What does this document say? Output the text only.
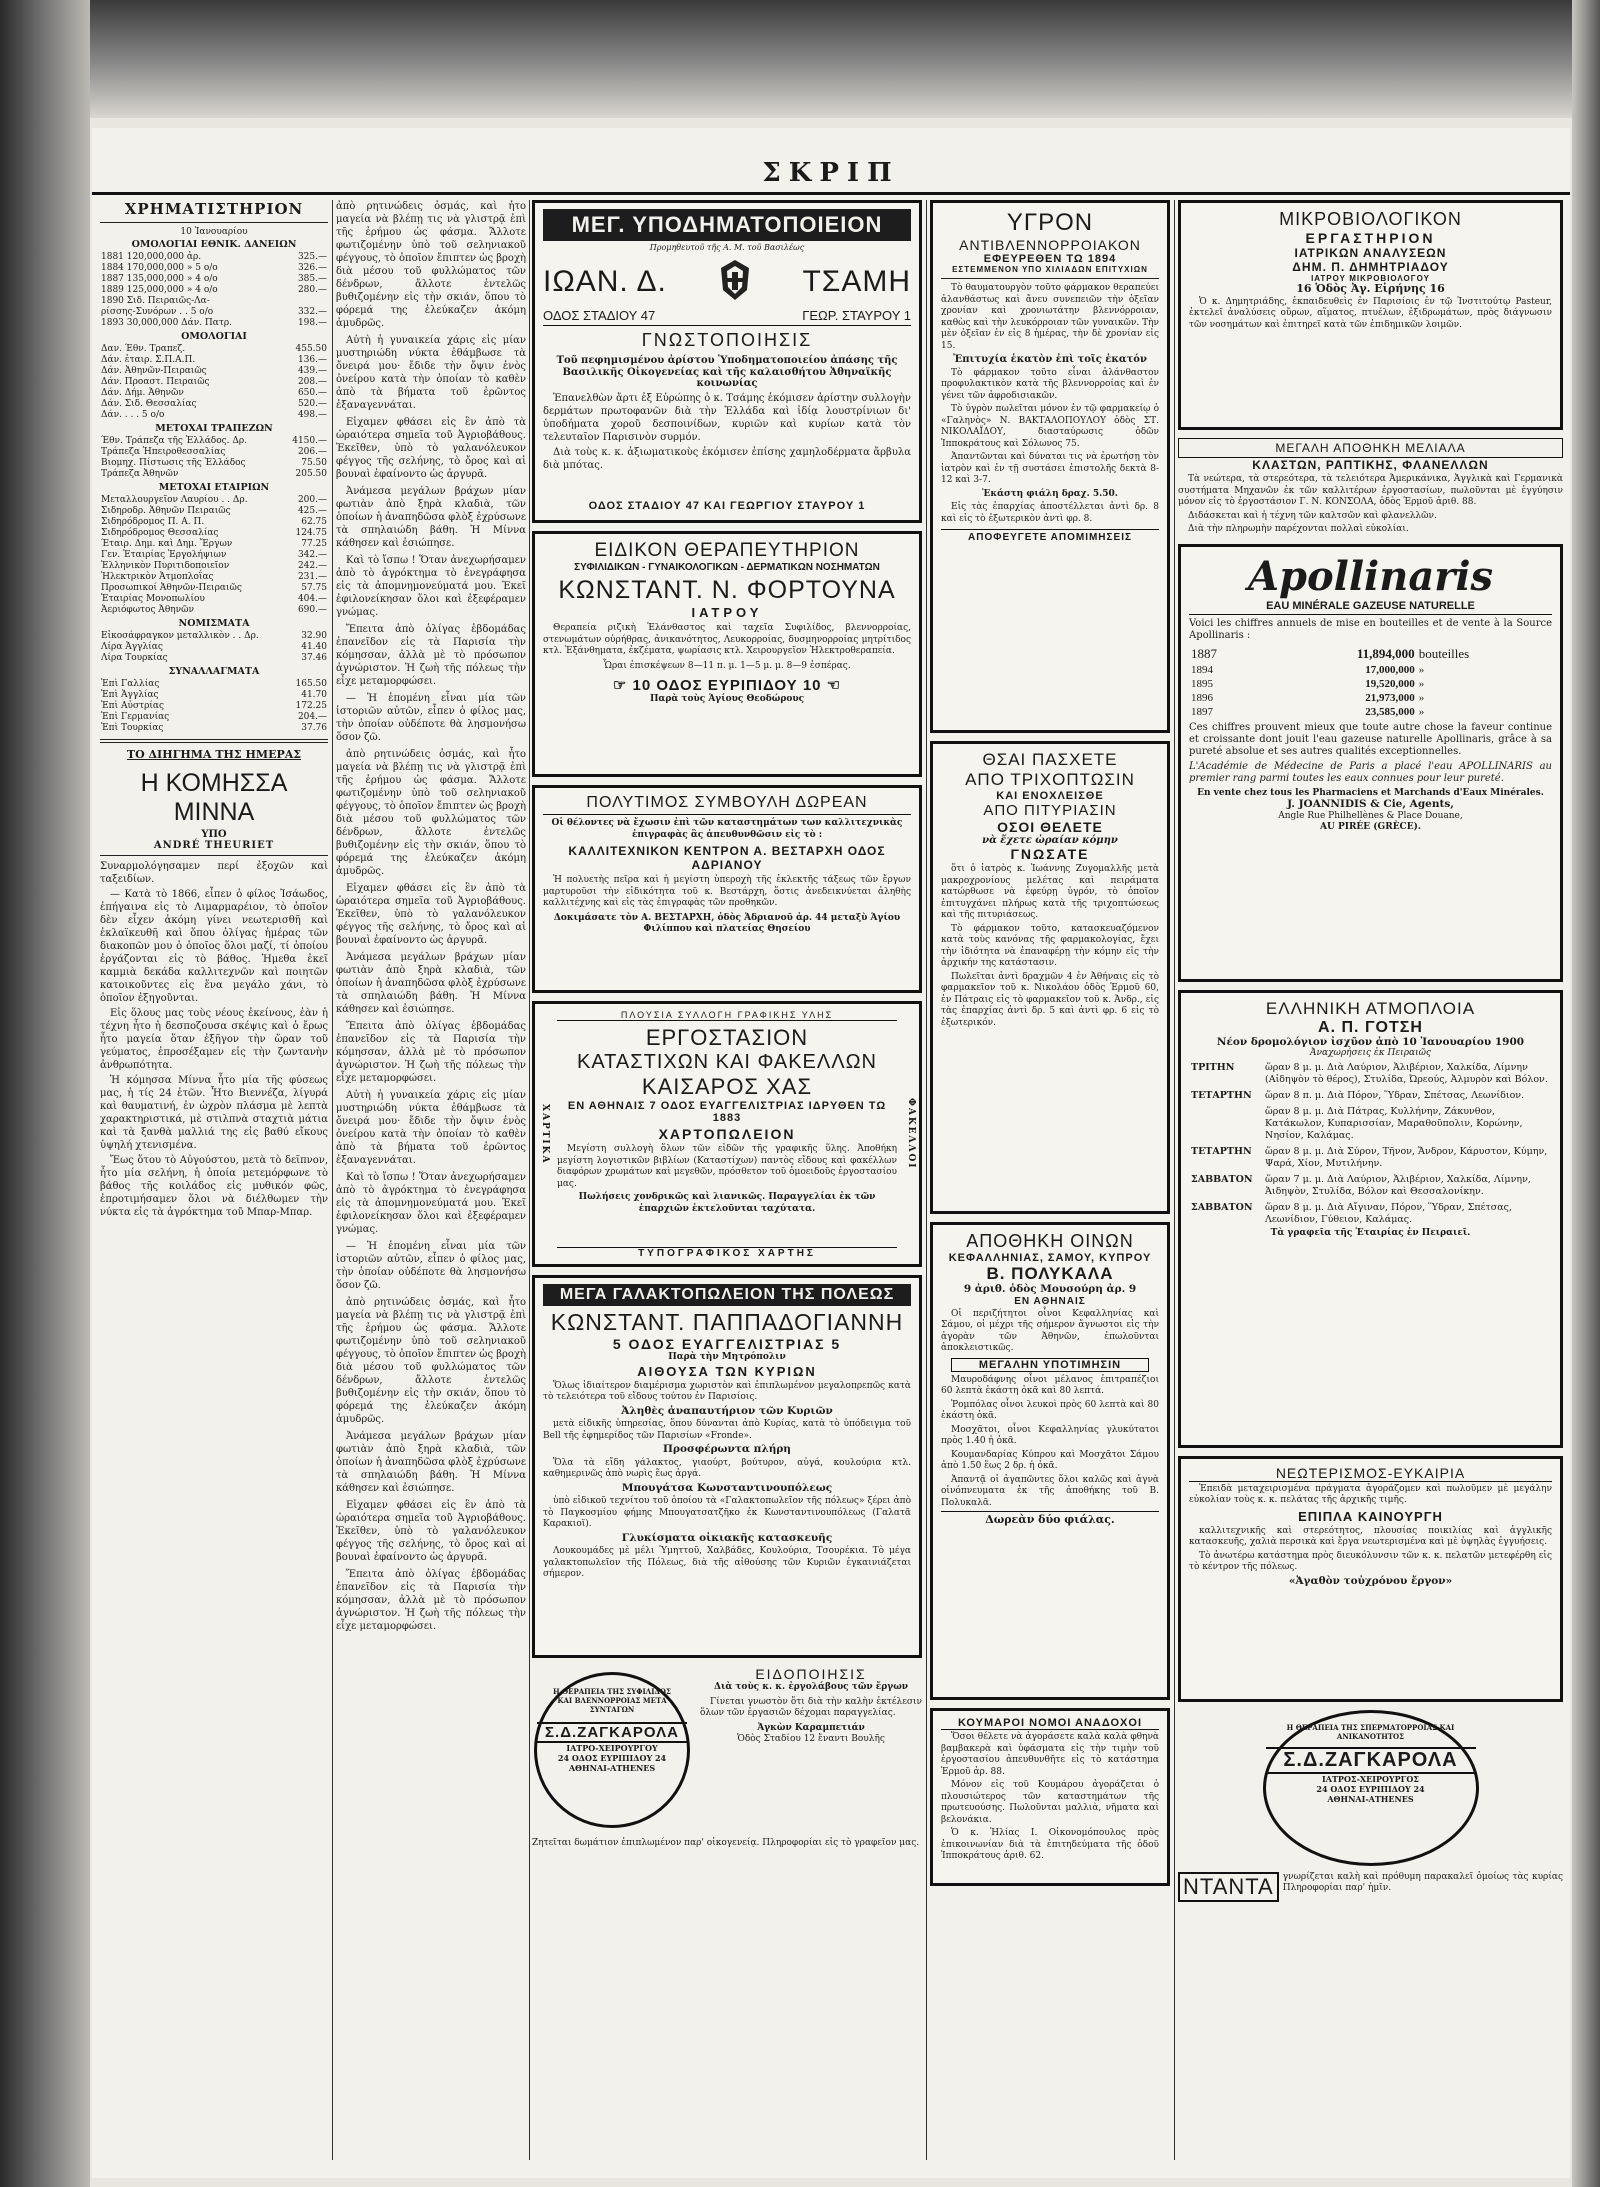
ΣΚΡΙΠ
ΧΡΗΜΑΤΙΣΤΗΡΙΟΝ
10 Ἰανουαρίου
ΟΜΟΛΟΓΙΑΙ ΕΘΝΙΚ. ΔΑΝΕΙΩΝ
1881 120,000,000 ἀρ.	325.—
1884 170,000,000 » 5 ο/ο	326.—
1887 135,000,000 » 4 ο/ο	385.—
1889 125,000,000 » 4 ο/ο	280.—
1890 Σιδ. Πειραιῶς-Λα-	
ρίσσης-Συνόρων . . 5 ο/ο	332.—
1893 30,000,000 Δάν. Πατρ.	198.—
ΟΜΟΛΟΓΙΑΙ
Δαν. Έθν. Τραπεζ.	455.50
Δάν. ἑταιρ. Σ.Π.Α.Π.	136.—
Δάν. Ἀθηνῶν-Πειραιῶς	439.—
Δάν. Προαστ. Πειραιῶς	208.—
Δάν. Δήμ. Ἀθηνῶν	650.—
Δάν. Σιδ. Θεσσαλίας	520.—
Δάν. . . . 5 ο/ο	498.—
ΜΕΤΟΧΑΙ ΤΡΑΠΕΖΩΝ
Έθν. Τράπεζα τῆς Ἑλλάδος. Δρ.	4150.—
Τράπεζα Ἠπειροθεσσαλίας	206.—
Βιομηχ. Πίστωσις τῆς Ἑλλάδος	75.50
Τράπεζα Ἀθηνῶν	205.50
ΜΕΤΟΧΑΙ ΕΤΑΙΡΙΩΝ
Μεταλλουργεῖον Λαυρίου . . Δρ.	200.—
Σιδηροδρ. Ἀθηνῶν Πειραιῶς	425.—
Σιδηρόδρομος Π. Α. Π.	62.75
Σιδηρόδρομος Θεσσαλίας	124.75
Έταιρ. Δημ. καὶ Δημ. Ἔργων	77.25
Γεν. Ἑταιρίας Ἐργολήψιων	342.—
Ἑλληνικὸν Πυριτιδοποιεῖον	242.—
Ἠλεκτρικὸν Ἀτμοπλοΐας	231.—
Προσωπικοί Ἀθηνῶν-Πειραιῶς	57.75
Ἑταιρίας Μονοπωλίου	404.—
Ἀεριόφωτος Ἀθηνῶν	690.—
ΝΟΜΙΣΜΑΤΑ
Εἰκοσάφραγκον μεταλλικὸν . . Δρ.	32.90
Λίρα Ἀγγλίας	41.40
Λίρα Τουρκίας	37.46
ΣΥΝΑΛΛΑΓΜΑΤΑ
Ἐπὶ Γαλλίας	165.50
Ἐπὶ Ἀγγλίας	41.70
Ἐπὶ Αὐστρίας	172.25
Ἐπὶ Γερμανίας	204.—
Ἐπὶ Τουρκίας	37.76
ΤΟ ΔΙΗΓΗΜΑ ΤΗΣ ΗΜΕΡΑΣ
Η ΚΟΜΗΣΣΑ ΜΙΝΝΑ
ΥΠΟ
ANDRÉ THEURIET

Συναρμολόγησαμεν περί ἐξοχῶν καὶ ταξειδίων.

— Κατὰ τὸ 1866, εἶπεν ὁ φίλος Ἰσάωδος, ἐπήγαινα εἰς τὸ Λιμαρμαρέιον, τὸ ὁποῖον δὲν εἶχεν ἀκόμη γίνει νεωτερισθῆ καὶ ἐκλαϊκευθῆ καὶ ὅπου ὀλίγας ἡμέρας τῶν διακοπῶν μου ὁ ὁποῖος ὅλοι μαζί, τί ὁποίου ἐργάζονται εἰς τὸ βάθος. Ἠμεθα ἐκεῖ καμμιὰ δεκάδα καλλιτεχνῶν καὶ ποιητῶν κατοικοῦντες εἰς ἕνα μεγάλο χάνι, τὸ ὁποῖον ἐξηγοῦνται.

Εἰς ὅλους μας τοὺς νέους ἐκείνους, ἐὰν ἡ τέχνη ἦτο ἡ δεσποζουσα σκέψις καὶ ὁ ἔρως ἦτο μαγεία ὅταν ἐξῆγον τὴν ὥραν τοῦ γεύματος, ἐπροσέξαμεν εἰς τὴν ζωντανὴν ἀνθρωπότητα.

Ἡ κόμησσα Μίννα ἦτο μία τῆς φύσεως μας, ἡ τίς 24 ἐτῶν. Ἦτο Βιεννέζα, λίγυρά καὶ θαυματινή, ἐν ὠχρὸν πλάσμα μὲ λεπτὰ χαρακτηριστικά, μὲ στιλπνὰ σταχτιὰ μάτια καὶ τὰ ξανθὰ μαλλιά της εἰς βαθύ εἴκους ὑψηλή χτενισμένα.

Ἔως ὅτου τὸ Αὐγούστου, μετὰ τὸ δεῖπνον, ἦτο μία σελήνη, ἡ ὁποία μετεμόρφωνε τὸ βάθος τῆς κοιλάδος εἰς μυθικόν φῶς, ἐπροτιμήσαμεν ὅλοι νὰ διέλθωμεν τὴν νύκτα εἰς τὰ ἀγρόκτημα τοῦ Μπαρ-Μπαρ.

ἀπὸ ρητινώδεις ὀσμάς, καὶ ἦτο μαγεία νὰ βλέπῃ τις νὰ γλιστρᾷ ἐπὶ τῆς ἐρήμου ὡς φάσμα. Ἄλλοτε φωτιζομένην ὑπὸ τοῦ σεληνιακοῦ φέγγους, τὸ ὁποῖον ἔπιπτεν ὡς βροχὴ διὰ μέσου τοῦ φυλλώματος τῶν δένδρων, ἄλλοτε ἐντελῶς βυθιζομένην εἰς τὴν σκιάν, ὅπου τὸ φόρεμά της ἐλεύκαζεν ἀκόμη ἀμυδρῶς.

Αὐτὴ ἡ γυναικεία χάρις εἰς μίαν μυστηριώδη νύκτα ἐθάμβωσε τὰ ὄνειρά μου· ἔδιδε τὴν ὄψιν ἐνὸς ὀνείρου κατὰ τὴν ὁποίαν τὸ καθὲν ἀπὸ τὰ βήματα τοῦ ἐρῶντος ἐξαναγεννάται.

Εἰχαμεν φθάσει εἰς ἓν ἀπὸ τὰ ὡραιότερα σημεῖα τοῦ Ἀγριοβάθους. Ἐκεῖθεν, ὑπὸ τὸ γαλανόλευκον φέγγος τῆς σελήνης, τὸ ὄρος καὶ αἱ βουναὶ ἐφαίνοντο ὡς ἀργυρᾶ.

Ἀνάμεσα μεγάλων βράχων μίαν φωτιὰν ἀπὸ ξηρὰ κλαδιὰ, τῶν ὁποίων ἡ ἀναπηδῶσα φλὸξ ἐχρύσωνε τὰ σπηλαιώδη βάθη. Ἡ Μίννα κάθησεν καὶ ἐσιώπησε.

Καὶ τὸ ἴσπω ! Ὅταν ἀνεχωρήσαμεν ἀπὸ τὸ ἀγρόκτημα τὸ ἐνεγράφησα εἰς τὰ ἀπομνημονεύματά μου. Ἐκεῖ ἐφιλονείκησαν ὅλοι καὶ ἐξεφέραμεν γνώμας.

Ἔπειτα ἀπὸ ὀλίγας ἑβδομάδας ἐπανεῖδον εἰς τὰ Παρισία τὴν κόμησσαν, ἀλλὰ μὲ τὸ πρόσωπον ἀγνώριστον. Ἡ ζωὴ τῆς πόλεως τὴν εἶχε μεταμορφώσει.

— Ἡ ἑπομένη εἶναι μία τῶν ἱστοριῶν αὐτῶν, εἶπεν ὁ φίλος μας, τὴν ὁποίαν οὐδέποτε θὰ λησμονήσω ὅσον ζῶ.

ἀπὸ ρητινώδεις ὀσμάς, καὶ ἦτο μαγεία νὰ βλέπῃ τις νὰ γλιστρᾷ ἐπὶ τῆς ἐρήμου ὡς φάσμα. Ἄλλοτε φωτιζομένην ὑπὸ τοῦ σεληνιακοῦ φέγγους, τὸ ὁποῖον ἔπιπτεν ὡς βροχὴ διὰ μέσου τοῦ φυλλώματος τῶν δένδρων, ἄλλοτε ἐντελῶς βυθιζομένην εἰς τὴν σκιάν, ὅπου τὸ φόρεμά της ἐλεύκαζεν ἀκόμη ἀμυδρῶς.

Εἰχαμεν φθάσει εἰς ἓν ἀπὸ τὰ ὡραιότερα σημεῖα τοῦ Ἀγριοβάθους. Ἐκεῖθεν, ὑπὸ τὸ γαλανόλευκον φέγγος τῆς σελήνης, τὸ ὄρος καὶ αἱ βουναὶ ἐφαίνοντο ὡς ἀργυρᾶ.

Ἀνάμεσα μεγάλων βράχων μίαν φωτιὰν ἀπὸ ξηρὰ κλαδιὰ, τῶν ὁποίων ἡ ἀναπηδῶσα φλὸξ ἐχρύσωνε τὰ σπηλαιώδη βάθη. Ἡ Μίννα κάθησεν καὶ ἐσιώπησε.

Ἔπειτα ἀπὸ ὀλίγας ἑβδομάδας ἐπανεῖδον εἰς τὰ Παρισία τὴν κόμησσαν, ἀλλὰ μὲ τὸ πρόσωπον ἀγνώριστον. Ἡ ζωὴ τῆς πόλεως τὴν εἶχε μεταμορφώσει.

Αὐτὴ ἡ γυναικεία χάρις εἰς μίαν μυστηριώδη νύκτα ἐθάμβωσε τὰ ὄνειρά μου· ἔδιδε τὴν ὄψιν ἐνὸς ὀνείρου κατὰ τὴν ὁποίαν τὸ καθὲν ἀπὸ τὰ βήματα τοῦ ἐρῶντος ἐξαναγεννάται.

Καὶ τὸ ἴσπω ! Ὅταν ἀνεχωρήσαμεν ἀπὸ τὸ ἀγρόκτημα τὸ ἐνεγράφησα εἰς τὰ ἀπομνημονεύματά μου. Ἐκεῖ ἐφιλονείκησαν ὅλοι καὶ ἐξεφέραμεν γνώμας.

— Ἡ ἑπομένη εἶναι μία τῶν ἱστοριῶν αὐτῶν, εἶπεν ὁ φίλος μας, τὴν ὁποίαν οὐδέποτε θὰ λησμονήσω ὅσον ζῶ.

ἀπὸ ρητινώδεις ὀσμάς, καὶ ἦτο μαγεία νὰ βλέπῃ τις νὰ γλιστρᾷ ἐπὶ τῆς ἐρήμου ὡς φάσμα. Ἄλλοτε φωτιζομένην ὑπὸ τοῦ σεληνιακοῦ φέγγους, τὸ ὁποῖον ἔπιπτεν ὡς βροχὴ διὰ μέσου τοῦ φυλλώματος τῶν δένδρων, ἄλλοτε ἐντελῶς βυθιζομένην εἰς τὴν σκιάν, ὅπου τὸ φόρεμά της ἐλεύκαζεν ἀκόμη ἀμυδρῶς.

Ἀνάμεσα μεγάλων βράχων μίαν φωτιὰν ἀπὸ ξηρὰ κλαδιὰ, τῶν ὁποίων ἡ ἀναπηδῶσα φλὸξ ἐχρύσωνε τὰ σπηλαιώδη βάθη. Ἡ Μίννα κάθησεν καὶ ἐσιώπησε.

Εἰχαμεν φθάσει εἰς ἓν ἀπὸ τὰ ὡραιότερα σημεῖα τοῦ Ἀγριοβάθους. Ἐκεῖθεν, ὑπὸ τὸ γαλανόλευκον φέγγος τῆς σελήνης, τὸ ὄρος καὶ αἱ βουναὶ ἐφαίνοντο ὡς ἀργυρᾶ.

Ἔπειτα ἀπὸ ὀλίγας ἑβδομάδας ἐπανεῖδον εἰς τὰ Παρισία τὴν κόμησσαν, ἀλλὰ μὲ τὸ πρόσωπον ἀγνώριστον. Ἡ ζωὴ τῆς πόλεως τὴν εἶχε μεταμορφώσει.

ΜΕΓ. ΥΠΟΔΗΜΑΤΟΠΟΙΕΙΟΝ
Προμηθευτοῦ τῆς Α. Μ. τοῦ Βασιλέως
ΙΩΑΝ. Δ.	ΤΣΑΜΗ
ΟΔΟΣ ΣΤΑΔΙΟΥ 47	ΓΕΩΡ. ΣΤΑΥΡΟΥ 1
ΓΝΩΣΤΟΠΟΙΗΣΙΣ

Τοῦ πεφημισμένου ἀρίστου Ὑποδηματοποιείου ἀπάσης τῆς Βασιλικῆς Οἰκογενείας καὶ τῆς καλαισθήτου Ἀθηναϊκῆς κοινωνίας

Ἐπανελθὼν ἄρτι ἐξ Εὐρώπης ὁ κ. Τσάμης ἐκόμισεν ἀρίστην συλλογὴν δερμάτων πρωτοφανῶν διὰ τὴν Ἑλλάδα καὶ ἰδίᾳ λουστρίνιων δι' ὑποδήματα χοροῦ δεσποινίδων, κυριῶν καὶ κυρίων κατὰ τὸν τελευταῖον Παρισινὸν συρμόν.

Διὰ τοὺς κ. κ. ἀξιωματικοὺς ἐκόμισεν ἐπίσης χαμηλοδέρματα ἄρβυλα διὰ μπότας.

ΟΔΟΣ ΣΤΑΔΙΟΥ 47 ΚΑΙ ΓΕΩΡΓΙΟΥ ΣΤΑΥΡΟΥ 1
ΕΙΔΙΚΟΝ ΘΕΡΑΠΕΥΤΗΡΙΟΝ
ΣΥΦΙΛΙΔΙΚΩΝ - ΓΥΝΑΙΚΟΛΟΓΙΚΩΝ - ΔΕΡΜΑΤΙΚΩΝ ΝΟΣΗΜΑΤΩΝ
ΚΩΝΣΤΑΝΤ. Ν. ΦΟΡΤΟΥΝΑ
ΙΑΤΡΟΥ

Θεραπεία ριζικὴ Ἐλάνθαστος καὶ ταχεῖα Συφιλίδος, βλεννορροίας, στενωμάτων οὐρήθρας, ἀνικανότητος, Λευκορροίας, δυσμηνορροίας μητρίτιδος κτλ. Ἐξάνθηματα, ἐκζέματα, ψωρίασις κτλ. Χειρουργεῖον Ἠλεκτροθεραπεία.

Ὧραι ἐπισκέψεων 8—11 π. μ. 1—5 μ. μ. 8—9 ἑσπέρας.
☞ 10 ΟΔΟΣ ΕΥΡΙΠΙΔΟΥ 10 ☜
Παρὰ τοὺς Ἁγίους Θεοδώρους
ΠΟΛΥΤΙΜΟΣ ΣΥΜΒΟΥΛΗ ΔΩΡΕΑΝ

Οἱ θέλοντες νὰ ἔχωσιν ἐπὶ τῶν καταστημάτων των καλλιτεχνικὰς ἐπιγραφὰς ἂς ἀπευθυνθῶσιν εἰς τὸ :

ΚΑΛΛΙΤΕΧΝΙΚΟΝ ΚΕΝΤΡΟΝ Α. ΒΕΣΤΑΡΧΗ ΟΔΟΣ ΑΔΡΙΑΝΟΥ

Ἡ πολυετὴς πεῖρα καὶ ἡ μεγίστη ὑπεροχὴ τῆς ἐκλεκτῆς τάξεως τῶν ἔργων μαρτυροῦσι τὴν εἰδικότητα τοῦ κ. Βεστάρχη, ὅστις ἀνεδεικνύεται ἀληθὴς καλλιτέχνης καὶ εἰς τὰς ἐπιγραφὰς τῶν προθηκῶν.

Δοκιμάσατε τὸν Α. ΒΕΣΤΑΡΧΗ, ὁδὸς Ἀδριανοῦ ἀρ. 44 μεταξὺ Ἁγίου Φιλίππου καὶ πλατείας Θησείου

ΧΑΡΤΙΚΑ	ΦΑΚΕΛΛΟΙ
ΠΛΟΥΣΙΑ ΣΥΛΛΟΓΗ ΓΡΑΦΙΚΗΣ ΥΛΗΣ
ΕΡΓΟΣΤΑΣΙΟΝ
ΚΑΤΑΣΤΙΧΩΝ ΚΑΙ ΦΑΚΕΛΛΩΝ
ΚΑΙΣΑΡΟΣ ΧΑΣ
ΕΝ ΑΘΗΝΑΙΣ 7 ΟΔΟΣ ΕΥΑΓΓΕΛΙΣΤΡΙΑΣ ΙΔΡΥΘΕΝ ΤΩ 1883
ΧΑΡΤΟΠΩΛΕΙΟΝ

Μεγίστη συλλογὴ ὅλων τῶν εἰδῶν τῆς γραφικῆς ὕλης. Ἀποθήκη μεγίστη λογιστικῶν βιβλίων (Καταστίχων) παντὸς εἴδους καὶ φακέλλων διαφόρων χρωμάτων καὶ μεγεθῶν, πρόσθετον τοῦ ὁμοειδοῦς ἐργοστασίου μας.

Πωλήσεις χονδρικῶς καὶ λιανικῶς. Παραγγελίαι ἐκ τῶν ἐπαρχιῶν ἐκτελοῦνται ταχύτατα.

ΤΥΠΟΓΡΑΦΙΚΟΣ ΧΑΡΤΗΣ
ΜΕΓΑ ΓΑΛΑΚΤΟΠΩΛΕΙΟΝ ΤΗΣ ΠΟΛΕΩΣ
ΚΩΝΣΤΑΝΤ. ΠΑΠΠΑΔΟΓΙΑΝΝΗ
5 ΟΔΟΣ ΕΥΑΓΓΕΛΙΣΤΡΙΑΣ 5
Παρὰ τὴν Μητρόπολιν
ΑΙΘΟΥΣΑ ΤΩΝ ΚΥΡΙΩΝ

Ὅλως ἰδιαίτερον διαμέρισμα χωριστὸν καὶ ἐπιπλωμένον μεγαλοπρεπῶς κατὰ τὸ τελειότερα τοῦ εἴδους τούτου ἐν Παρισίοις.

Ἀληθὲς ἀναπαυτήριον τῶν Κυριῶν

μετὰ εἰδικῆς ὑπηρεσίας, ὅπου δύνανται ἀπὸ Κυρίας, κατὰ τὸ ὑπόδειγμα τοῦ Bell τῆς ἐφημερίδος τῶν Παρισίων «Fronde».

Προσφέρωντα πλήρη

Ὅλα τὰ εἴδη γάλακτος, γιαούρτ, βούτυρον, αὐγά, κουλούρια κτλ. καθημερινῶς ἀπὸ νωρὶς ἕως ἀργά.

Μπουγάτσα Κωνσταντινουπόλεως

ὑπὸ εἰδικοῦ τεχνίτου τοῦ ὁποίου τὰ «Γαλακτοπωλεῖον τῆς πόλεως» ξέρει ἀπὸ τὸ Παγκοσμίου φήμης Μπουγατσατζῆκο ἐκ Κωνσταντινουπόλεως (Γαλατᾶ Καρακιοϊ).

Γλυκίσματα οἰκιακῆς κατασκευῆς

Λουκουμάδες μὲ μέλι Ὑμηττοῦ, Χαλβάδες, Κουλούρια, Τσουρέκια. Τὸ μέγα γαλακτοπωλεῖον τῆς Πόλεως, διὰ τῆς αἰθούσης τῶν Κυριῶν ἐγκαινιάζεται σήμερον.

Η ΘΕΡΑΠΕΙΑ ΤΗΣ ΣΥΦΙΛΙΔΟΣ ΚΑΙ ΒΛΕΝΝΟΡΡΟΙΑΣ ΜΕΤΑ ΣΥΝΤΑΓΩΝ
Σ.Δ.ΖΑΓΚΑΡΟΛΑ
ΙΑΤΡΟ-ΧΕΙΡΟΥΡΓΟΥ
24 ΟΔΟΣ ΕΥΡΙΠΙΔΟΥ 24
ΑΘΗΝΑΙ-ΑΤΗΕΝΕS
ΕΙΔΟΠΟΙΗΣΙΣ
Διὰ τοὺς κ. κ. ἐργολάβους τῶν ἔργων

Γίνεται γνωστὸν ὅτι διὰ τὴν καλὴν ἐκτέλεσιν ὅλων τῶν ἐργασιῶν δέχομαι παραγγελίας.

Ἀγκὼν Καραμπετιάν
Ὁδὸς Σταδίου 12 ἔναντι Βουλῆς

Ζητεῖται δωμάτιον ἐπιπλωμένον παρ' οἰκογενείᾳ. Πληροφορίαι εἰς τὸ γραφεῖον μας.

ΥΓΡΟΝ
ΑΝΤΙΒΛΕΝΝΟΡΡΟΙΑΚΟΝ
ΕΦΕΥΡΕΘΕΝ ΤΩ 1894
ΕΣΤΕΜΜΕΝΟΝ ΥΠΟ ΧΙΛΙΑΔΩΝ ΕΠΙΤΥΧΙΩΝ

Τὸ θαυματουργὸν τοῦτο φάρμακον θεραπεύει ἀλανθάστως καὶ ἄνευ συνεπειῶν τὴν ὀξεῖαν χρονίαν καὶ χρονιωτάτην βλεννόρροιαν, καθὼς καὶ τὴν λευκόρροιαν τῶν γυναικῶν. Τὴν μὲν ὀξεῖαν ἐν εἰς 8 ἡμέρας, τὴν δὲ χρονίαν εἰς 15.

Ἐπιτυχία ἑκατὸν ἐπὶ τοῖς ἑκατόν

Τὸ φάρμακον τοῦτο εἶναι ἀλάνθαστον προφυλακτικὸν κατὰ τῆς βλεννορροίας καὶ ἐν γένει τῶν ἀφροδισιακῶν.

Τὸ ὑγρὸν πωλεῖται μόνον ἐν τῷ φαρμακείῳ ὁ «Γαληνὸς» Ν. ΒΑΚΤΑΛΟΠΟΥΛΟΥ ὁδὸς ΣΤ. ΝΙΚΟΛΑΪΔΟΥ, διασταύρωσις ὁδῶν Ἱπποκράτους καὶ Σόλωνος 75.

Ἀπαντῶνται καὶ δύναται τις νὰ ἐρωτήσῃ τὸν ἰατρὸν καὶ ἐν τῇ συστάσει ἐπιστολῆς δεκτὰ 8-12 καὶ 3-7.

Ἐκάστη φιάλη δραχ. 5.50.

Εἰς τὰς ἐπαρχίας ἀποστέλλεται ἀντὶ δρ. 8 καὶ εἰς τὸ ἐξωτερικὸν ἀντὶ φρ. 8.

ΑΠΟΦΕΥΓΕΤΕ ΑΠΟΜΙΜΗΣΕΙΣ
ΘΣΑΙ ΠΑΣΧΕΤΕ
ΑΠΟ ΤΡΙΧΟΠΤΩΣΙΝ
ΚΑΙ ΕΝΟΧΛΕΙΣΘΕ
ΑΠΟ ΠΙΤΥΡΙΑΣΙΝ
ΟΣΟΙ ΘΕΛΕΤΕ
νὰ ἔχετε ὡραίαν κόμην
ΓΝΩΣΑΤΕ

ὅτι ὁ ἰατρὸς κ. Ἰωάννης Ζυγομαλλῆς μετὰ μακροχρονίους μελέτας καὶ πειράματα κατώρθωσε νὰ ἐφεύρῃ ὑγρόν, τὸ ὁποῖον ἐπιτυγχάνει πλήρως κατὰ τῆς τριχοπτώσεως καὶ τῆς πιτυριάσεως.

Τὸ φάρμακον τοῦτο, κατασκευαζόμενον κατὰ τοὺς κανόνας τῆς φαρμακολογίας, ἔχει τὴν ἰδιότητα νὰ ἐπαναφέρῃ τὴν κόμην εἰς τὴν ἀρχικήν της κατάστασιν.

Πωλεῖται ἀντὶ δραχμῶν 4 ἐν Ἀθήναις εἰς τὸ φαρμακεῖον τοῦ κ. Νικολάου ὁδὸς Ἑρμοῦ 60, ἐν Πάτραις εἰς τὸ φαρμακεῖον τοῦ κ. Ἀνδρ., εἰς τὰς ἐπαρχίας ἀντὶ δρ. 5 καὶ ἀντὶ φρ. 6 εἰς τὸ ἐξωτερικόν.

ΑΠΟΘΗΚΗ ΟΙΝΩΝ
ΚΕΦΑΛΛΗΝΙΑΣ, ΣΑΜΟΥ, ΚΥΠΡΟΥ
Β. ΠΟΛΥΚΑΛΑ
9 ἀριθ. ὁδὸς Μουσούρη ἀρ. 9
ΕΝ ΑΘΗΝΑΙΣ

Οἱ περιζήτητοι οἶνοι Κεφαλληνίας καὶ Σάμου, οἱ μέχρι τῆς σήμερον ἄγνωστοι εἰς τὴν ἀγορὰν τῶν Ἀθηνῶν, ἐπωλοῦνται ἀποκλειστικῶς.

ΜΕΓΑΛΗΝ ΥΠΟΤΙΜΗΣΙΝ

Μαυροδάφνης οἶνοι μέλανος ἐπιτραπέζιοι 60 λεπτὰ ἑκάστη ὀκᾶ καὶ 80 λεπτά.

Ῥομπόλας οἶνοι λευκοὶ πρὸς 60 λεπτὰ καὶ 80 ἑκάστη ὀκᾶ.

Μοσχᾶτοι, οἶνοι Κεφαλληνίας γλυκύτατοι πρὸς 1.40 ἡ ὀκᾶ.

Κουμανδαρίας Κύπρου καὶ Μοσχᾶτοι Σάμου ἀπὸ 1.50 ἕως 2 δρ. ἡ ὀκᾶ.

Ἀπαντᾷ οἱ ἀγαπῶντες ὅλοι καλῶς καὶ ἁγνὰ οἰνόπνευματα ἐκ τῆς ἀποθήκης τοῦ Β. Πολυκαλᾶ.

Δωρεὰν δύο φιάλας.
ΚΟΥΜΑΡΟΙ ΝΟΜΟΙ ΑΝΑΔΟΧΟΙ

Ὅσοι θέλετε νὰ ἀγοράσετε καλὰ καλὰ φθηνὰ βαμβακερὰ καὶ ὑφάσματα εἰς τὴν τιμὴν τοῦ ἐργοστασίου ἀπευθυνθῆτε εἰς τὸ κατάστημα Ἑρμοῦ ἀρ. 88.

Μόνον εἰς τοῦ Κουμάρου ἀγοράζεται ὁ πλουσιώτερος τῶν καταστημάτων τῆς πρωτευούσης. Πωλοῦνται μαλλιὰ, νῆματα καὶ βελονάκια.

Ὁ κ. Ἠλίας Ι. Οἰκονομόπουλος πρὸς ἐπικοινωνίαν διὰ τὰ ἐπιτηδεύματα τῆς ὁδοῦ Ἱπποκράτους ἀριθ. 62.

ΜΙΚΡΟΒΙΟΛΟΓΙΚΟΝ
ΕΡΓΑΣΤΗΡΙΟΝ
ΙΑΤΡΙΚΩΝ ΑΝΑΛΥΣΕΩΝ
ΔΗΜ. Π. ΔΗΜΗΤΡΙΑΔΟΥ
ΙΑΤΡΟΥ ΜΙΚΡΟΒΙΟΛΟΓΟΥ
16 Ὁδὸς Ἀγ. Εἰρήνης 16

Ὁ κ. Δημητριάδης, ἐκπαιδευθεὶς ἐν Παρισίοις ἐν τῷ Ἰνστιτούτῳ Pasteur, ἐκτελεῖ ἀναλύσεις οὔρων, αἵματος, πτυέλων, ἐξιδρωμάτων, πρὸς διάγνωσιν τῶν νοσημάτων καὶ ἐπιτηρεῖ κατὰ τῶν ἐπιδημικῶν λοιμῶν.

ΜΕΓΑΛΗ ΑΠΟΘΗΚΗ ΜΕΛΙΑΛΑ
ΚΛΑΣΤΩΝ, ΡΑΠΤΙΚΗΣ, ΦΛΑΝΕΛΛΩΝ

Τὰ νεώτερα, τὰ στερεότερα, τὰ τελειότερα Ἀμερικάνικα, Ἀγγλικὰ καὶ Γερμανικὰ συστήματα Μηχανῶν ἐκ τῶν καλλιτέρων ἐργοστασίων, πωλοῦνται μὲ ἐγγύησιν μόνον εἰς τὸ ἐργοστάσιον Γ. Ν. ΚΟΝΣΟΛΑ, ὁδὸς Ἑρμοῦ ἀριθ. 88.

Διδάσκεται καὶ ἡ τέχνη τῶν καλτσῶν καὶ φλανελλῶν.

Διὰ τὴν πληρωμὴν παρέχονται πολλαὶ εὐκολίαι.

Apollinaris
EAU MINÉRALE GAZEUSE NATURELLE

Voici les chiffres annuels de mise en bouteilles et de vente à la Source Apollinaris :

1887	11,894,000	bouteilles
1894	17,000,000	»
1895	19,520,000	»
1896	21,973,000	»
1897	23,585,000	»

Ces chiffres prouvent mieux que toute autre chose la faveur continue et croissante dont jouit l'eau gazeuse naturelle Apollinaris, grâce à sa pureté absolue et ses autres qualités exceptionnelles.

L'Académie de Médecine de Paris a placé l'eau APOLLINARIS au premier rang parmi toutes les eaux connues pour leur pureté.

En vente chez tous les Pharmaciens et Marchands d'Eaux Minérales.
J. JOANNIDIS & Cie, Agents,
Angle Rue Philhellènes & Place Douane,
AU PIRÉE (GRÈCE).
ΕΛΛΗΝΙΚΗ ΑΤΜΟΠΛΟΙΑ
Α. Π. ΓΟΤΣΗ
Νέον δρομολόγιον ἰσχῦον ἀπὸ 10 Ἰανουαρίου 1900
Ἀναχωρήσεις ἐκ Πειραιῶς
ΤΡΙΤΗΝ	ὥραν 8 μ. μ. Διὰ Λαύριον, Ἀλιβέριον, Χαλκίδα, Λίμνην (Αἰδηψὸν τὸ θέρος), Στυλίδα, Ὠρεούς, Ἀλμυρὸν καὶ Βόλον.
ΤΕΤΑΡΤΗΝ	ὥραν 8 π. μ. Διὰ Πόρον, Ὕδραν, Σπέτσας, Λεωνίδιον.
	ὥραν 8 μ. μ. Διὰ Πάτρας, Κυλλήνην, Ζάκυνθον, Κατάκωλον, Κυπαρισσίαν, Μαραθοῦπολιν, Κορώνην, Νησίον, Καλάμας.
ΤΕΤΑΡΤΗΝ	ὥραν 8 μ. μ. Διὰ Σύρον, Τῆνον, Ἄνδρον, Κάρυστον, Κύμην, Ψαρά, Χίον, Μυτιλήνην.
ΣΑΒΒΑΤΟΝ	ὥραν 7 μ. μ. Διὰ Λαύριον, Ἀλιβέριον, Χαλκίδα, Λίμνην, Ἀιδηψὸν, Στυλίδα, Βόλον καὶ Θεσσαλονίκην.
ΣΑΒΒΑΤΟΝ	ὥραν 8 μ. μ. Διὰ Αἴγιναν, Πόρον, Ὕδραν, Σπέτσας, Λεωνίδιον, Γύθειον, Καλάμας.
Τὰ γραφεῖα τῆς Ἑταιρίας ἐν Πειραιεῖ.
ΝΕΩΤΕΡΙΣΜΟΣ-ΕΥΚΑΙΡΙΑ

Ἐπειδὰ μεταχειρισμένα πράγματα ἀγοράζομεν καὶ πωλοῦμεν μὲ μεγάλην εὐκολίαν τοὺς κ. κ. πελάτας τῆς ἀρχικῆς τιμῆς.

ΕΠΙΠΛΑ ΚΑΙΝΟΥΡΓΗ

καλλιτεχνικῆς καὶ στερεότητος, πλουσίας ποικιλίας καὶ ἀγγλικῆς κατασκευῆς, χαλιὰ περσικὰ καὶ ἔργα νεωτερισμένα καὶ μὲ ὑψηλὰς ἐγγυήσεις.

Τὸ ἀνωτέρω κατάστημα πρὸς διευκόλυνσιν τῶν κ. κ. πελατῶν μετεφέρθη εἰς τὸ κέντρον τῆς πόλεως.

«Ἀγαθὸν τοὐχρόνου ἔργον»
Η ΘΕΡΑΠΕΙΑ ΤΗΣ ΣΠΕΡΜΑΤΟΡΡΟΙΑΣ ΚΑΙ ΑΝΙΚΑΝΟΤΗΤΟΣ
Σ.Δ.ΖΑΓΚΑΡΟΛΑ
ΙΑΤΡΟΣ-ΧΕΙΡΟΥΡΓΟΣ
24 ΟΔΟΣ ΕΥΡΙΠΙΔΟΥ 24
ΑΘΗΝΑΙ-ΑΤΗΕΝΕS
ΝΤΑΝΤΑ	γνωρίζεται καλὴ καὶ πρόθυμη παρακαλεῖ ὁμοίως τὰς κυρίας Πληροφορίαι παρ' ἡμῖν.
